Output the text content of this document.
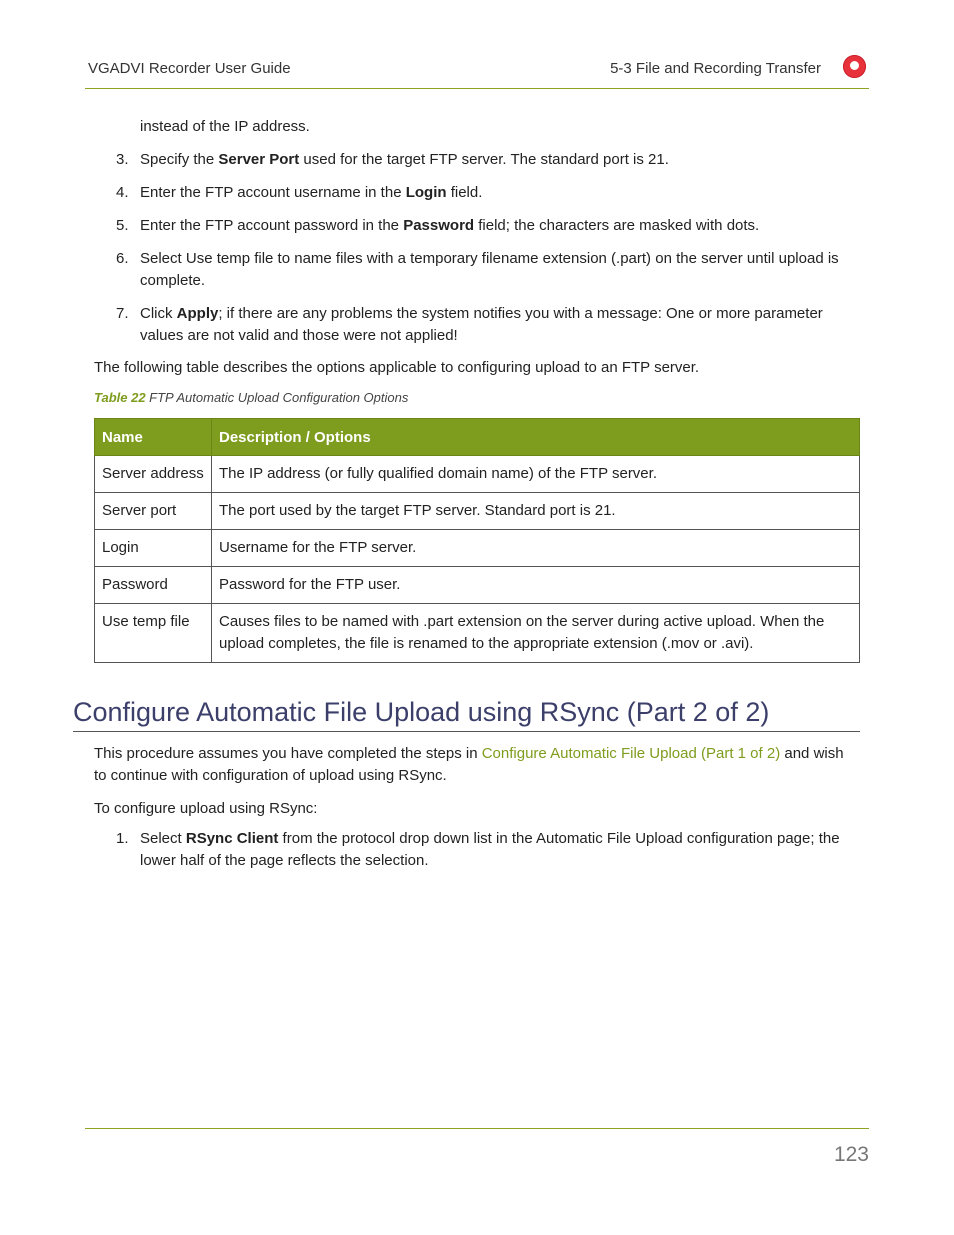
VGADVI Recorder User Guide	5-3 File and Recording Transfer

instead of the IP address.

3. Specify the Server Port used for the target FTP server. The standard port is 21.
4. Enter the FTP account username in the Login field.
5. Enter the FTP account password in the Password field; the characters are masked with dots.
6. Select Use temp file to name files with a temporary filename extension (.part) on the server until upload is complete.
7. Click Apply; if there are any problems the system notifies you with a message: One or more parameter values are not valid and those were not applied!

The following table describes the options applicable to configuring upload to an FTP server.

Table 22 FTP Automatic Upload Configuration Options
Name	Description / Options
Server address	The IP address (or fully qualified domain name) of the FTP server.
Server port	The port used by the target FTP server. Standard port is 21.
Login	Username for the FTP server.
Password	Password for the FTP user.
Use temp file	Causes files to be named with .part extension on the server during active upload. When the upload completes, the file is renamed to the appropriate extension (.mov or .avi).
Configure Automatic File Upload using RSync (Part 2 of 2)

This procedure assumes you have completed the steps in Configure Automatic File Upload (Part 1 of 2) and wish to continue with configuration of upload using RSync.

To configure upload using RSync:

1. Select RSync Client from the protocol drop down list in the Automatic File Upload configuration page; the lower half of the page reflects the selection.
123
